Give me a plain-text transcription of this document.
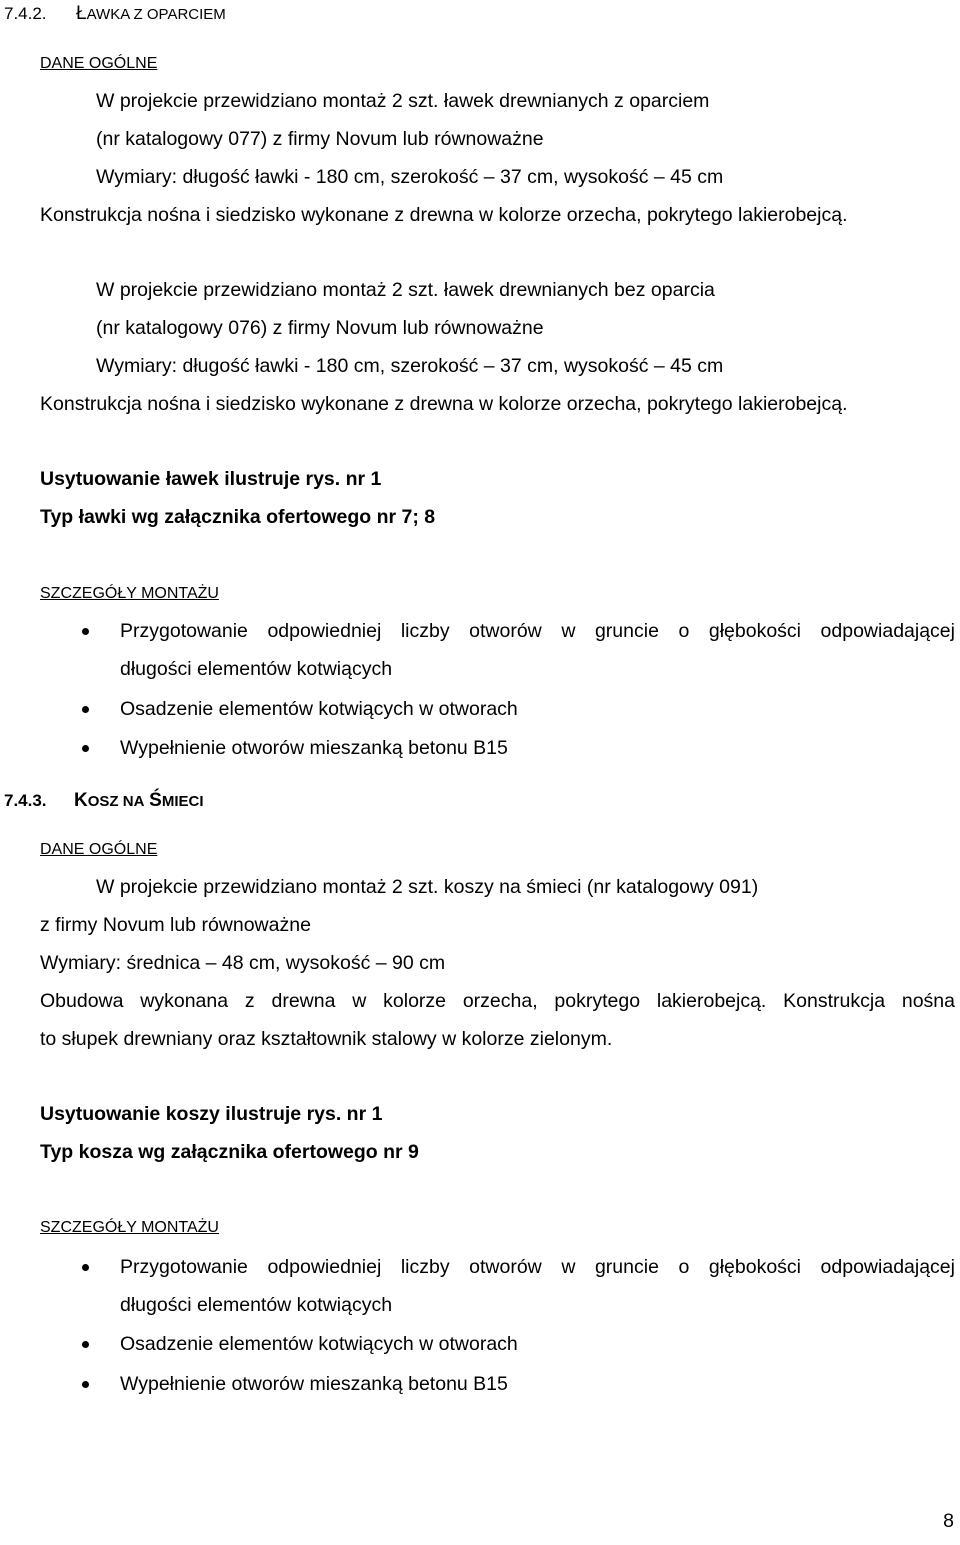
7.4.2. ŁAWKA Z OPARCIEM
DANE OGÓLNE
W projekcie przewidziano montaż 2 szt. ławek drewnianych z oparciem
(nr katalogowy 077) z firmy Novum lub równoważne
Wymiary: długość ławki - 180 cm, szerokość – 37 cm, wysokość – 45 cm
Konstrukcja nośna i siedzisko wykonane z drewna w kolorze orzecha, pokrytego lakierobejcą.
W projekcie przewidziano montaż 2 szt. ławek drewnianych bez oparcia
(nr katalogowy 076) z firmy Novum lub równoważne
Wymiary: długość ławki - 180 cm, szerokość – 37 cm, wysokość – 45 cm
Konstrukcja nośna i siedzisko wykonane z drewna w kolorze orzecha, pokrytego lakierobejcą.
Usytuowanie ławek ilustruje rys. nr 1
Typ ławki wg załącznika ofertowego nr 7; 8
SZCZEGÓŁY MONTAŻU
Przygotowanie odpowiedniej liczby otworów w gruncie o głębokości odpowiadającej
długości elementów kotwiących
Osadzenie elementów kotwiących w otworach
Wypełnienie otworów mieszanką betonu B15
7.4.3. KOSZ NA ŚMIECI
DANE OGÓLNE
W projekcie przewidziano montaż 2 szt. koszy na śmieci (nr katalogowy 091)
z firmy Novum lub równoważne
Wymiary: średnica – 48 cm, wysokość – 90 cm
Obudowa wykonana z drewna w kolorze orzecha, pokrytego lakierobejcą. Konstrukcja nośna
to słupek drewniany oraz kształtownik stalowy w kolorze zielonym.
Usytuowanie koszy ilustruje rys. nr 1
Typ kosza wg załącznika ofertowego nr 9
SZCZEGÓŁY MONTAŻU
Przygotowanie odpowiedniej liczby otworów w gruncie o głębokości odpowiadającej
długości elementów kotwiących
Osadzenie elementów kotwiących w otworach
Wypełnienie otworów mieszanką betonu B15
8
